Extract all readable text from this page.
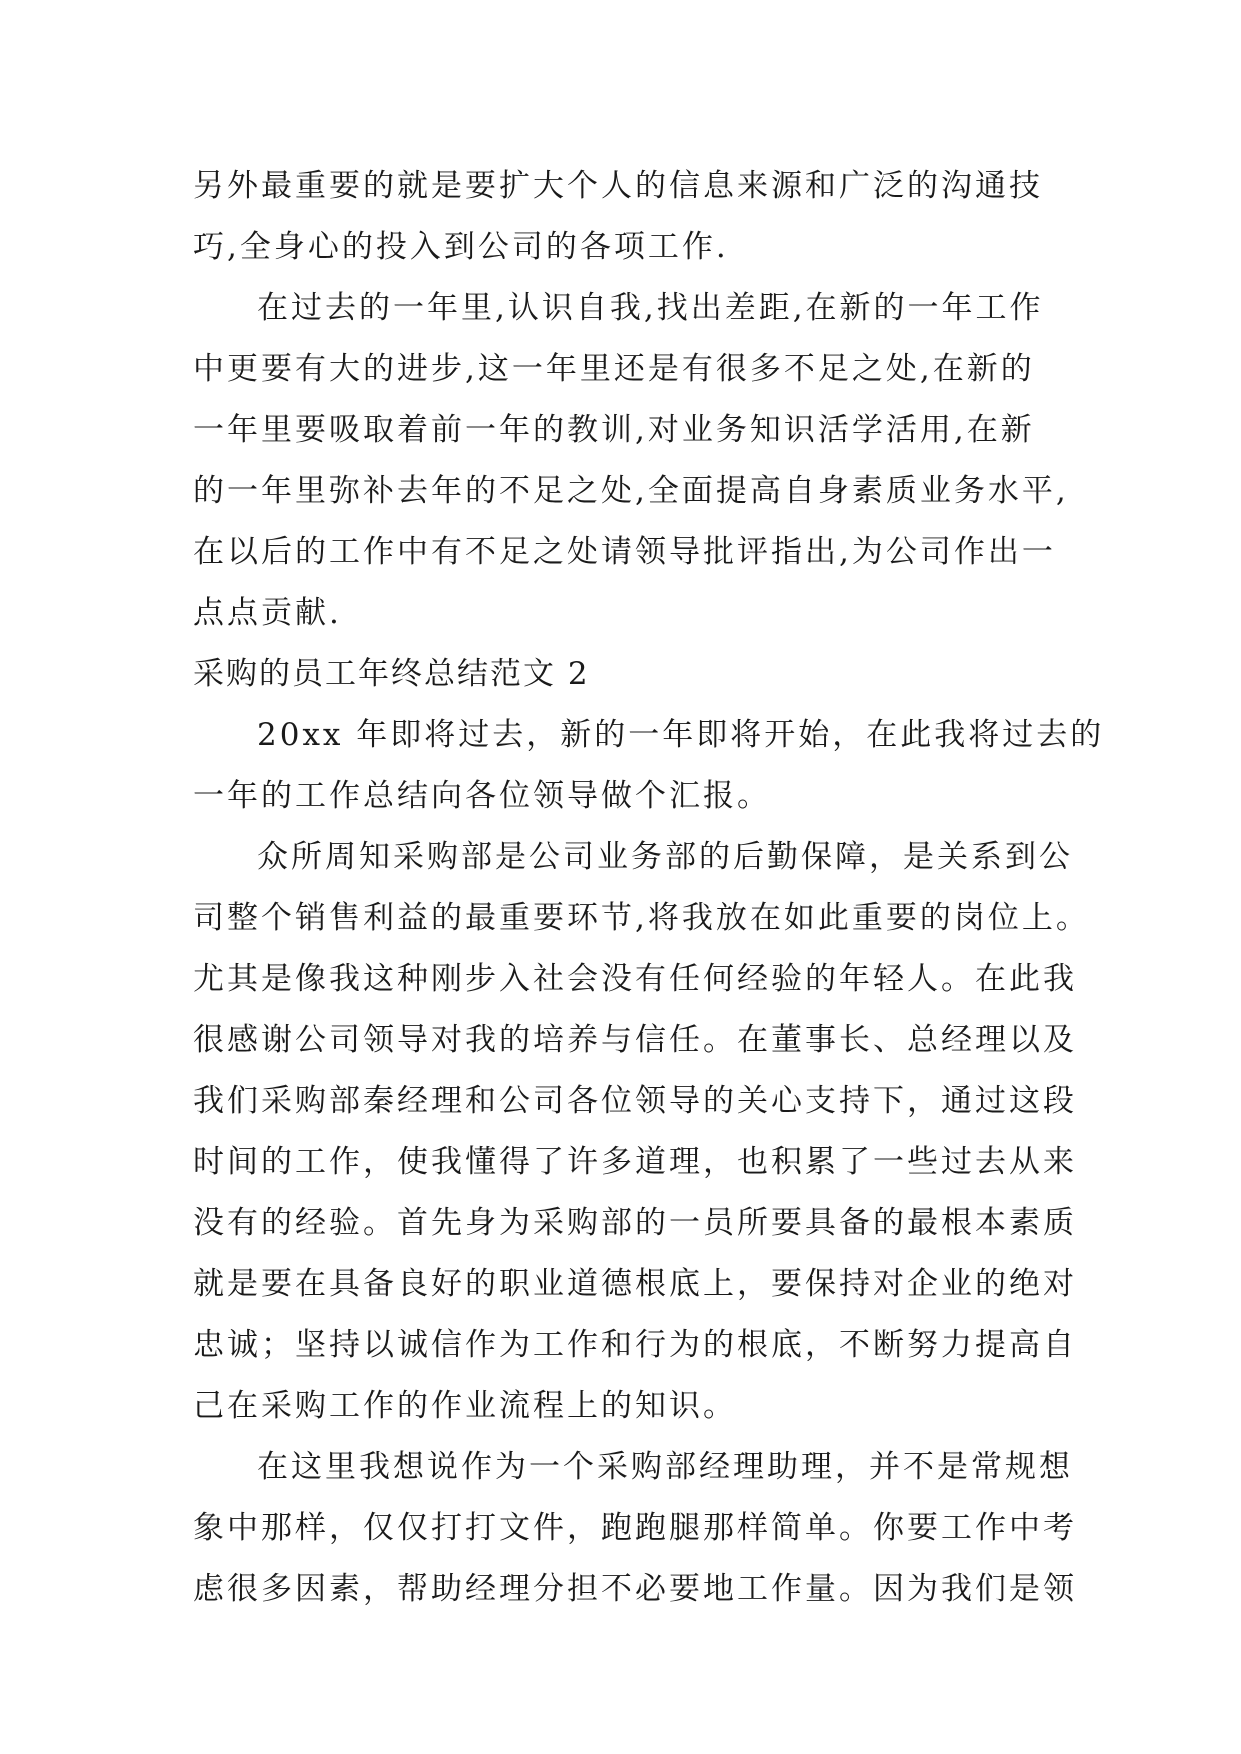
另外最重要的就是要扩大个人的信息来源和广泛的沟通技
巧,全身心的投入到公司的各项工作.
在过去的一年里,认识自我,找出差距,在新的一年工作
中更要有大的进步,这一年里还是有很多不足之处,在新的
一年里要吸取着前一年的教训,对业务知识活学活用,在新
的一年里弥补去年的不足之处,全面提高自身素质业务水平,
在以后的工作中有不足之处请领导批评指出,为公司作出一
点点贡献.
采购的员工年终总结范文 2
20xx 年即将过去，新的一年即将开始，在此我将过去的
一年的工作总结向各位领导做个汇报。
众所周知采购部是公司业务部的后勤保障，是关系到公
司整个销售利益的最重要环节,将我放在如此重要的岗位上。
尤其是像我这种刚步入社会没有任何经验的年轻人。在此我
很感谢公司领导对我的培养与信任。在董事长、总经理以及
我们采购部秦经理和公司各位领导的关心支持下，通过这段
时间的工作，使我懂得了许多道理，也积累了一些过去从来
没有的经验。首先身为采购部的一员所要具备的最根本素质
就是要在具备良好的职业道德根底上，要保持对企业的绝对
忠诚；坚持以诚信作为工作和行为的根底，不断努力提高自
己在采购工作的作业流程上的知识。
在这里我想说作为一个采购部经理助理，并不是常规想
象中那样，仅仅打打文件，跑跑腿那样简单。你要工作中考
虑很多因素，帮助经理分担不必要地工作量。因为我们是领
